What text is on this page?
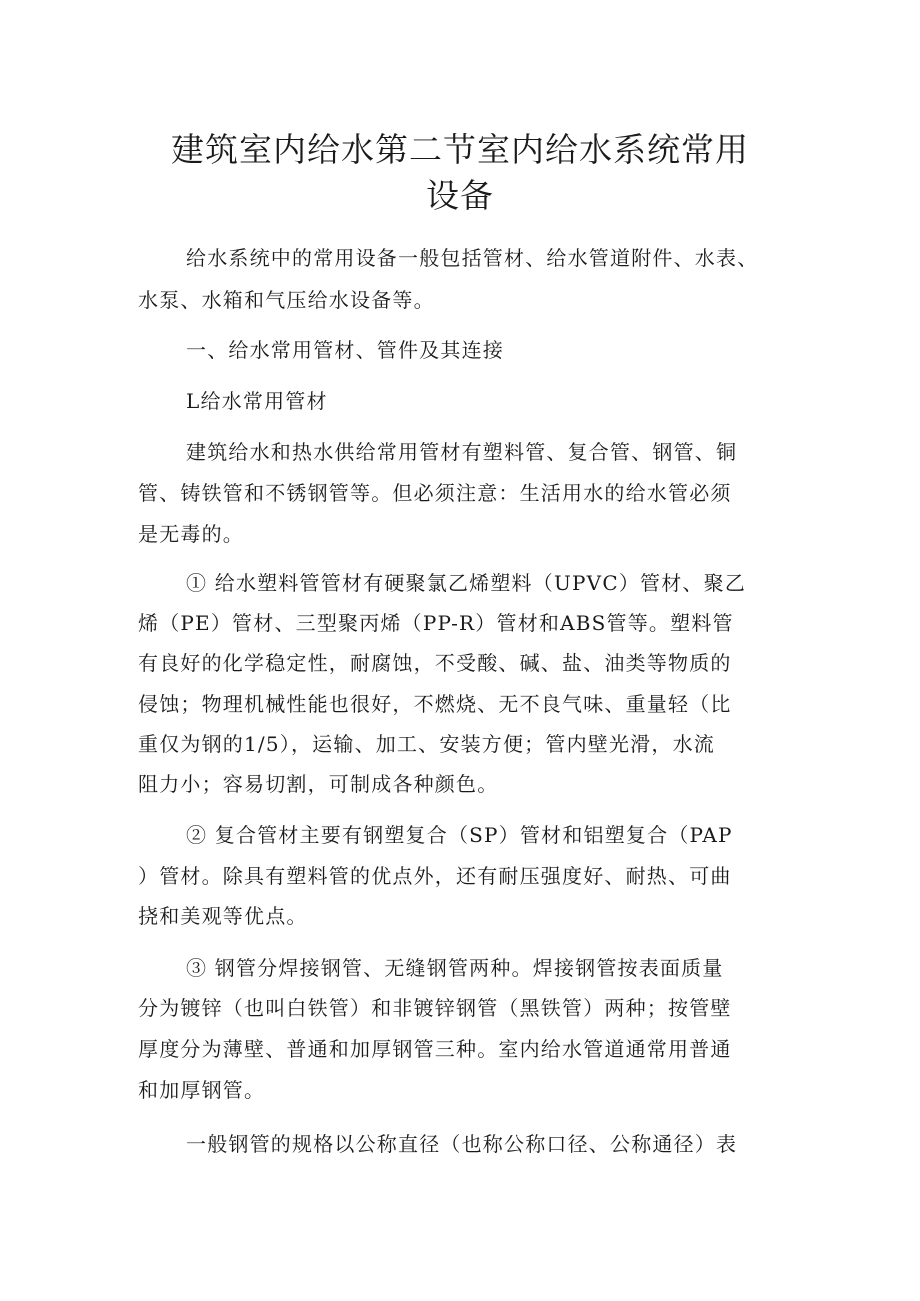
建筑室内给水第二节室内给水系统常用
设备

给水系统中的常用设备一般包括管材、给水管道附件、水表、

水泵、水箱和气压给水设备等。

一、给水常用管材、管件及其连接

L给水常用管材

建筑给水和热水供给常用管材有塑料管、复合管、钢管、铜

管、铸铁管和不锈钢管等。但必须注意：生活用水的给水管必须

是无毒的。

① 给水塑料管管材有硬聚氯乙烯塑料（UPVC）管材、聚乙

烯（PE）管材、三型聚丙烯（PP-R）管材和ABS管等。塑料管

有良好的化学稳定性，耐腐蚀，不受酸、碱、盐、油类等物质的

侵蚀；物理机械性能也很好，不燃烧、无不良气味、重量轻（比

重仅为钢的1/5），运输、加工、安装方便；管内壁光滑，水流

阻力小；容易切割，可制成各种颜色。

② 复合管材主要有钢塑复合（SP）管材和铝塑复合（PAP

）管材。除具有塑料管的优点外，还有耐压强度好、耐热、可曲

挠和美观等优点。

③ 钢管分焊接钢管、无缝钢管两种。焊接钢管按表面质量

分为镀锌（也叫白铁管）和非镀锌钢管（黑铁管）两种；按管壁

厚度分为薄壁、普通和加厚钢管三种。室内给水管道通常用普通

和加厚钢管。

一般钢管的规格以公称直径（也称公称口径、公称通径）表
